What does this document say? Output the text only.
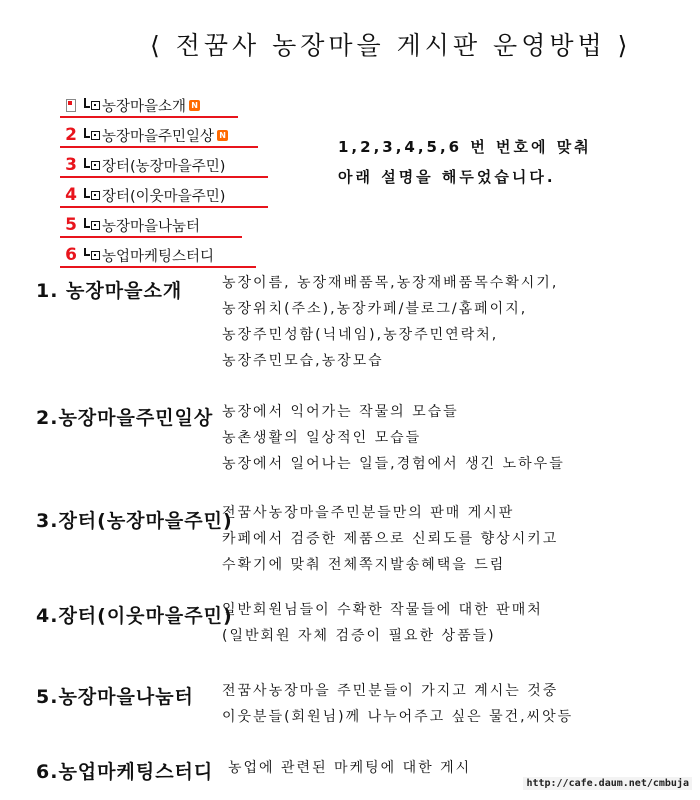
⟨ 전꿈사 농장마을 게시판 운영방법 ⟩
농장마을소개 N
2	농장마을주민일상 N
3	장터(농장마을주민)
4	장터(이웃마을주민)
5	농장마을나눔터
6	농업마케팅스터디
1,2,3,4,5,6 번 번호에 맞춰
아래 설명을 해두었습니다.
1. 농장마을소개	농장이름, 농장재배품목,농장재배품목수확시기,
농장위치(주소),농장카페/블로그/홈페이지,
농장주민성함(닉네임),농장주민연락처,
농장주민모습,농장모습
2.농장마을주민일상 농장에서 익어가는 작물의 모습들
농촌생활의 일상적인 모습들
농장에서 일어나는 일들,경험에서 생긴 노하우들
3.장터(농장마을주민)
전꿈사농장마을주민분들만의 판매 게시판
카페에서 검증한 제품으로 신뢰도를 향상시키고
수확기에 맞춰 전체쪽지발송혜택을 드림
4.장터(이웃마을주민)
일반회원님들이 수확한 작물들에 대한 판매처
(일반회원 자체 검증이 필요한 상품들)
5.농장마을나눔터 전꿈사농장마을 주민분들이 가지고 계시는 것중
이웃분들(회원님)께 나누어주고 싶은 물건,씨앗등
6.농업마케팅스터디 농업에 관련된 마케팅에 대한 게시
http://cafe.daum.net/cmbuja
